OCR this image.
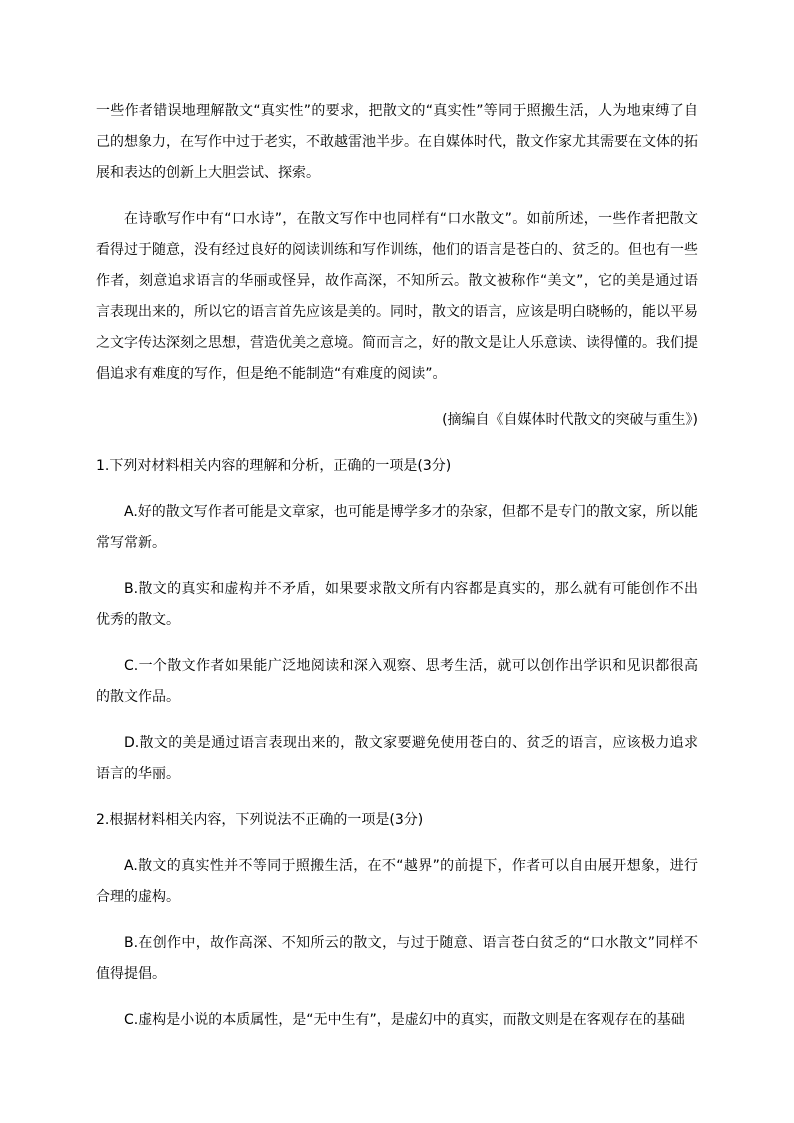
一些作者错误地理解散文“真实性”的要求，把散文的“真实性”等同于照搬生活，人为地束缚了自己的想象力，在写作中过于老实，不敢越雷池半步。在自媒体时代，散文作家尤其需要在文体的拓展和表达的创新上大胆尝试、探索。

在诗歌写作中有“口水诗”，在散文写作中也同样有“口水散文”。如前所述，一些作者把散文看得过于随意，没有经过良好的阅读训练和写作训练，他们的语言是苍白的、贫乏的。但也有一些作者，刻意追求语言的华丽或怪异，故作高深，不知所云。散文被称作“美文”，它的美是通过语言表现出来的，所以它的语言首先应该是美的。同时，散文的语言，应该是明白晓畅的，能以平易之文字传达深刻之思想，营造优美之意境。简而言之，好的散文是让人乐意读、读得懂的。我们提倡追求有难度的写作，但是绝不能制造“有难度的阅读”。

(摘编自《自媒体时代散文的突破与重生》)

1.下列对材料相关内容的理解和分析，正确的一项是(3分)

A.好的散文写作者可能是文章家，也可能是博学多才的杂家，但都不是专门的散文家，所以能常写常新。

B.散文的真实和虚构并不矛盾，如果要求散文所有内容都是真实的，那么就有可能创作不出优秀的散文。

C.一个散文作者如果能广泛地阅读和深入观察、思考生活，就可以创作出学识和见识都很高的散文作品。

D.散文的美是通过语言表现出来的，散文家要避免使用苍白的、贫乏的语言，应该极力追求语言的华丽。

2.根据材料相关内容，下列说法不正确的一项是(3分)

A.散文的真实性并不等同于照搬生活，在不“越界”的前提下，作者可以自由展开想象，进行合理的虚构。

B.在创作中，故作高深、不知所云的散文，与过于随意、语言苍白贫乏的“口水散文”同样不值得提倡。

C.虚构是小说的本质属性，是“无中生有”，是虚幻中的真实，而散文则是在客观存在的基础
